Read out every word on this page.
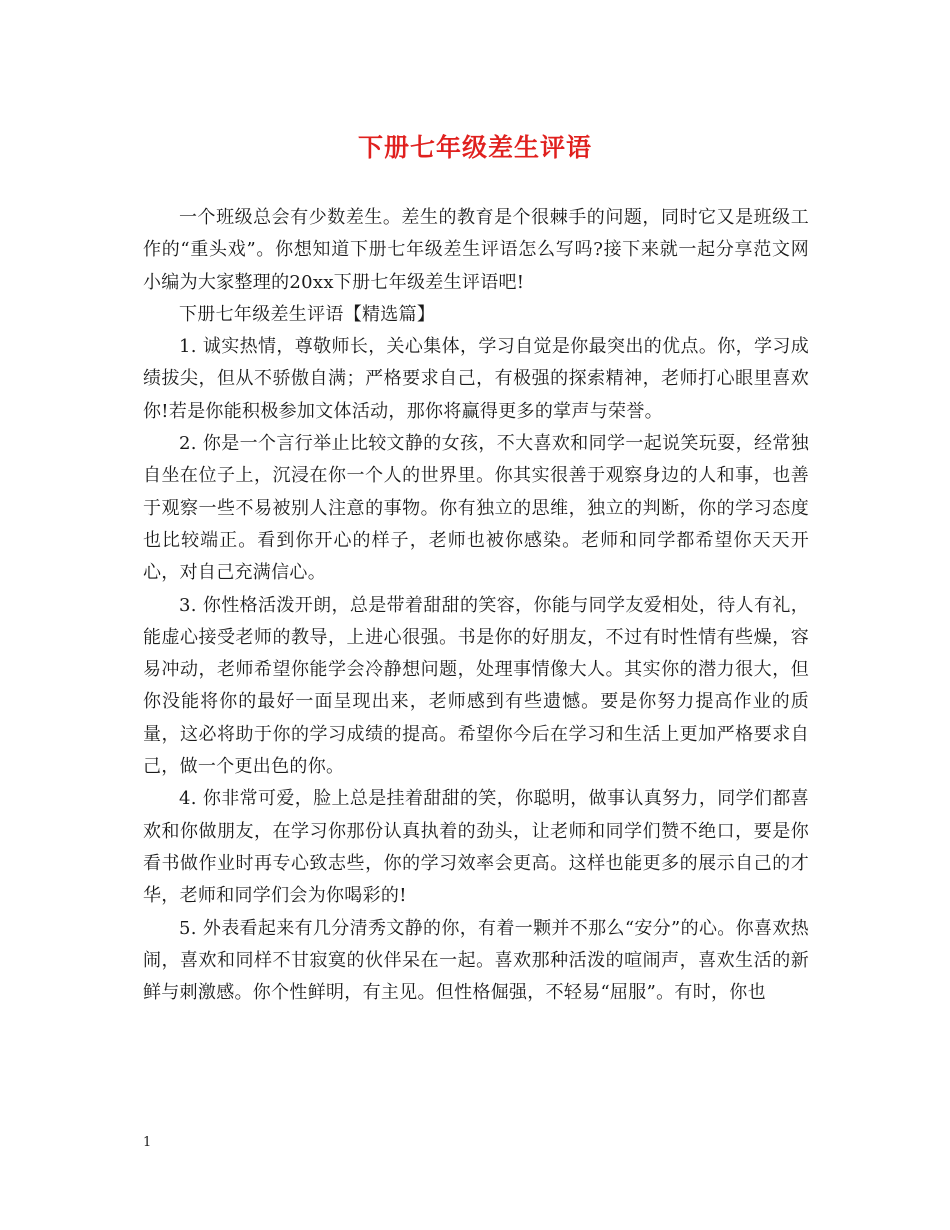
下册七年级差生评语

一个班级总会有少数差生。差生的教育是个很棘手的问题，同时它又是班级工作的“重头戏”。你想知道下册七年级差生评语怎么写吗?接下来就一起分享范文网小编为大家整理的20xx下册七年级差生评语吧!

下册七年级差生评语【精选篇】

1. 诚实热情，尊敬师长，关心集体，学习自觉是你最突出的优点。你，学习成绩拔尖，但从不骄傲自满；严格要求自己，有极强的探索精神，老师打心眼里喜欢你!若是你能积极参加文体活动，那你将赢得更多的掌声与荣誉。

2. 你是一个言行举止比较文静的女孩，不大喜欢和同学一起说笑玩耍，经常独自坐在位子上，沉浸在你一个人的世界里。你其实很善于观察身边的人和事，也善于观察一些不易被别人注意的事物。你有独立的思维，独立的判断，你的学习态度也比较端正。看到你开心的样子，老师也被你感染。老师和同学都希望你天天开心，对自己充满信心。

3. 你性格活泼开朗，总是带着甜甜的笑容，你能与同学友爱相处，待人有礼，能虚心接受老师的教导，上进心很强。书是你的好朋友，不过有时性情有些燥，容易冲动，老师希望你能学会冷静想问题，处理事情像大人。其实你的潜力很大，但你没能将你的最好一面呈现出来，老师感到有些遗憾。要是你努力提高作业的质量，这必将助于你的学习成绩的提高。希望你今后在学习和生活上更加严格要求自己，做一个更出色的你。

4. 你非常可爱，脸上总是挂着甜甜的笑，你聪明，做事认真努力，同学们都喜欢和你做朋友，在学习你那份认真执着的劲头，让老师和同学们赞不绝口，要是你看书做作业时再专心致志些，你的学习效率会更高。这样也能更多的展示自己的才华，老师和同学们会为你喝彩的!

5. 外表看起来有几分清秀文静的你，有着一颗并不那么“安分”的心。你喜欢热闹，喜欢和同样不甘寂寞的伙伴呆在一起。喜欢那种活泼的喧闹声，喜欢生活的新鲜与刺激感。你个性鲜明，有主见。但性格倔强，不轻易“屈服”。有时，你也

1
